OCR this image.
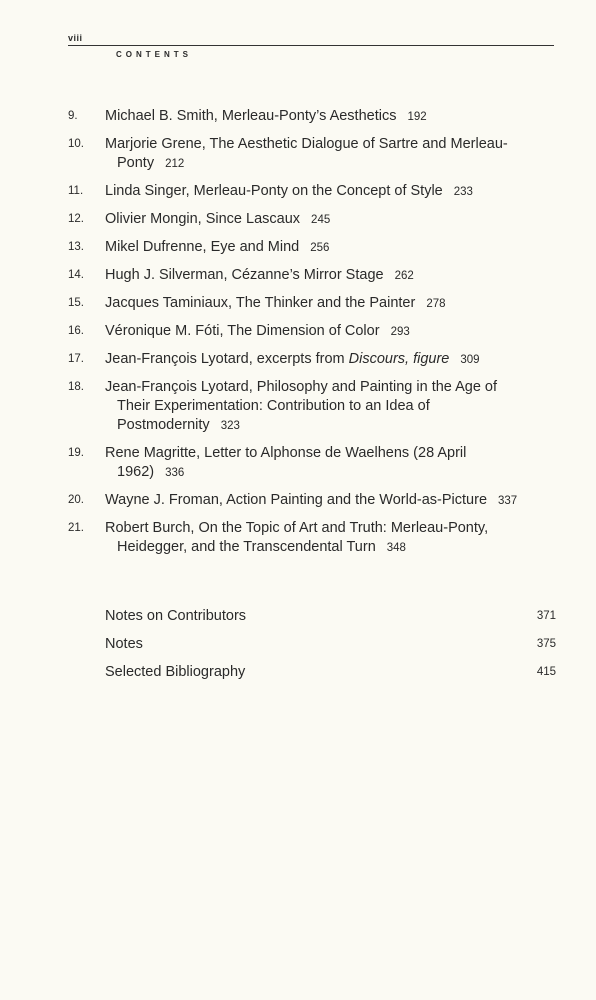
viii
CONTENTS
9.	Michael B. Smith, Merleau-Ponty’s Aesthetics 192
10.	Marjorie Grene, The Aesthetic Dialogue of Sartre and Merleau-Ponty 212
11.	Linda Singer, Merleau-Ponty on the Concept of Style 233
12.	Olivier Mongin, Since Lascaux 245
13.	Mikel Dufrenne, Eye and Mind 256
14.	Hugh J. Silverman, Cézanne’s Mirror Stage 262
15.	Jacques Taminiaux, The Thinker and the Painter 278
16.	Véronique M. Fóti, The Dimension of Color 293
17.	Jean-François Lyotard, excerpts from Discours, figure 309
18.	Jean-François Lyotard, Philosophy and Painting in the Age of Their Experimentation: Contribution to an Idea of Postmodernity 323
19.	Rene Magritte, Letter to Alphonse de Waelhens (28 April 1962) 336
20.	Wayne J. Froman, Action Painting and the World-as-Picture 337
21.	Robert Burch, On the Topic of Art and Truth: Merleau-Ponty, Heidegger, and the Transcendental Turn 348
Notes on Contributors	371
Notes	375
Selected Bibliography	415
